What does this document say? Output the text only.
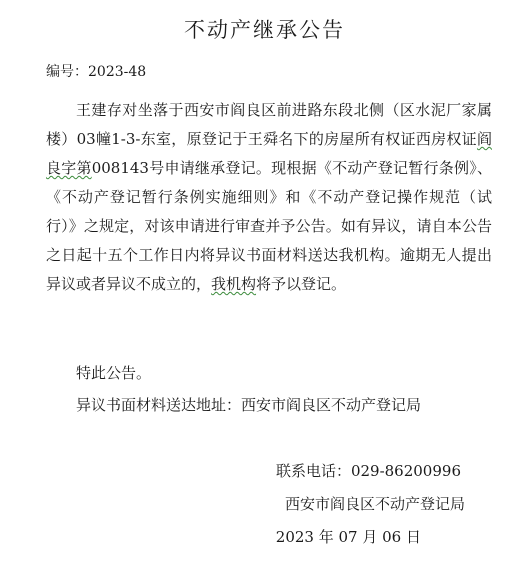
不动产继承公告
编号：2023-48

王建存对坐落于西安市阎良区前进路东段北侧（区水泥厂家属楼）03幢1-3-东室，原登记于王舜名下的房屋所有权证西房权证阎良字第008143号申请继承登记。现根据《不动产登记暂行条例》、《不动产登记暂行条例实施细则》和《不动产登记操作规范（试行）》之规定，对该申请进行审查并予公告。如有异议，请自本公告之日起十五个工作日内将异议书面材料送达我机构。逾期无人提出异议或者异议不成立的，我机构将予以登记。

特此公告。

异议书面材料送达地址：西安市阎良区不动产登记局

联系电话：029-86200996
西安市阎良区不动产登记局
2023 年 07 月 06 日
